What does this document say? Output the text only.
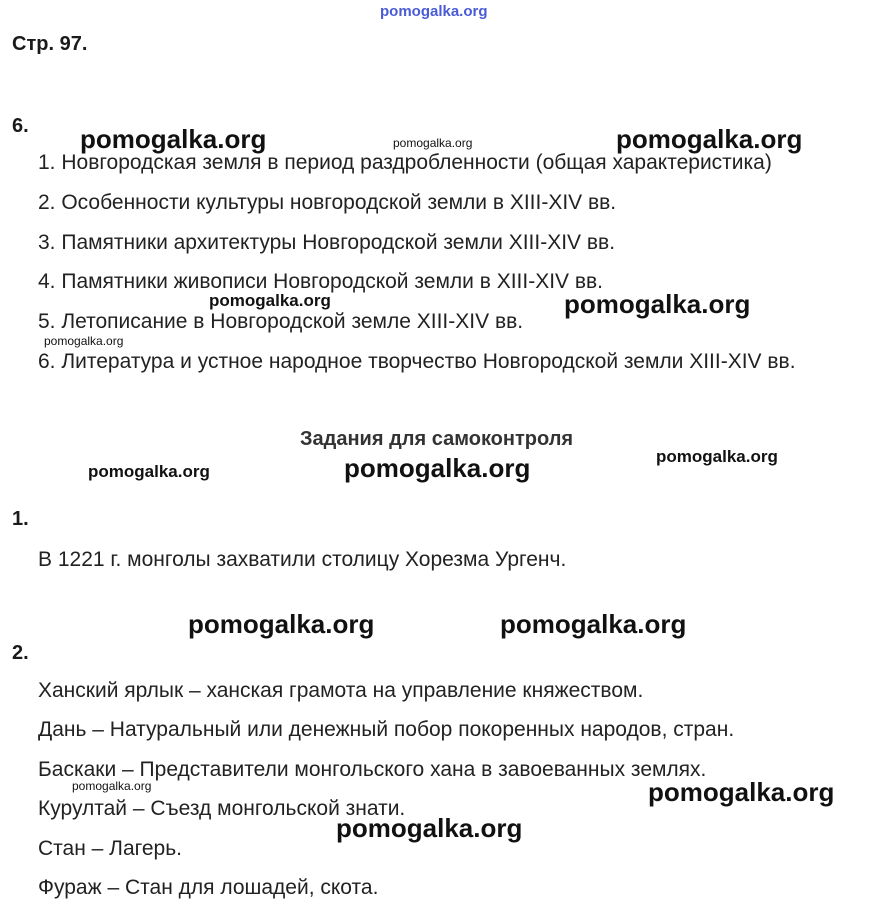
pomogalka.org
Стр. 97.
6.
1. Новгородская земля в период раздробленности (общая характеристика)
2. Особенности культуры новгородской земли в XIII-XIV вв.
3. Памятники архитектуры Новгородской земли XIII-XIV вв.
4. Памятники живописи Новгородской земли в XIII-XIV вв.
5. Летописание в Новгородской земле XIII-XIV вв.
6. Литература и устное народное творчество Новгородской земли XIII-XIV вв.
Задания для самоконтроля
1.
В 1221 г. монголы захватили столицу Хорезма Ургенч.
2.
Ханский ярлык – ханская грамота на управление княжеством.
Дань – Натуральный или денежный побор покоренных народов, стран.
Баскаки – Представители монгольского хана в завоеванных землях.
Курултай – Съезд монгольской знати.
Стан – Лагерь.
Фураж – Стан для лошадей, скота.
pomogalka.org	pomogalka.org	pomogalka.org
pomogalka.org	pomogalka.org
pomogalka.org
pomogalka.org	pomogalka.org	pomogalka.org
pomogalka.org	pomogalka.org
pomogalka.org	pomogalka.org
pomogalka.org
